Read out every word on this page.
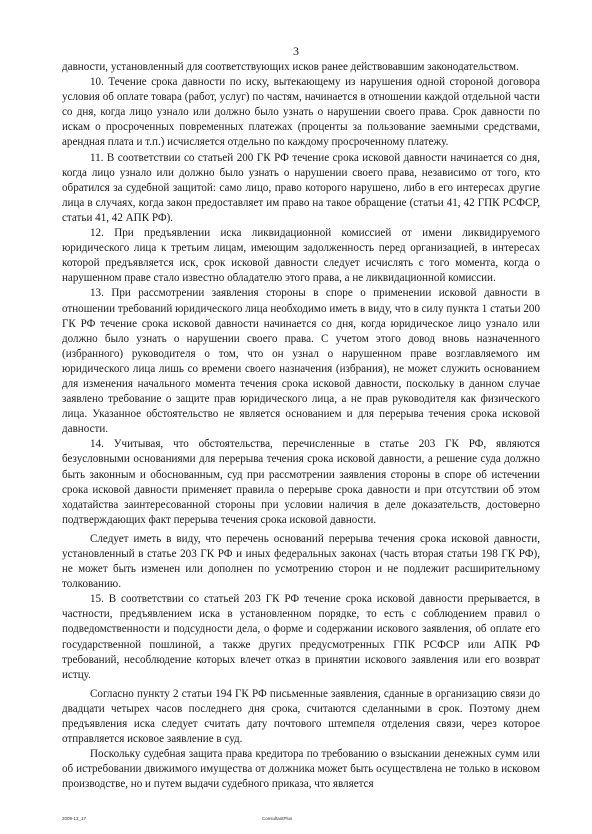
3

давности, установленный для соответствующих исков ранее действовавшим законодательством.

10. Течение срока давности по иску, вытекающему из нарушения одной стороной договора условия об оплате товара (работ, услуг) по частям, начинается в отношении каждой отдельной части со дня, когда лицо узнало или должно было узнать о нарушении своего права. Срок давности по искам о просроченных повременных платежах (проценты за пользование заемными средствами, арендная плата и т.п.) исчисляется отдельно по каждому просроченному платежу.

11. В соответствии со статьей 200 ГК РФ течение срока исковой давности начинается со дня, когда лицо узнало или должно было узнать о нарушении своего права, независимо от того, кто обратился за судебной защитой: само лицо, право которого нарушено, либо в его интересах другие лица в случаях, когда закон предоставляет им право на такое обращение (статьи 41, 42 ГПК РСФСР, статьи 41, 42 АПК РФ).

12. При предъявлении иска ликвидационной комиссией от имени ликвидируемого юридического лица к третьим лицам, имеющим задолженность перед организацией, в интересах которой предъявляется иск, срок исковой давности следует исчислять с того момента, когда о нарушенном праве стало известно обладателю этого права, а не ликвидационной комиссии.

13. При рассмотрении заявления стороны в споре о применении исковой давности в отношении требований юридического лица необходимо иметь в виду, что в силу пункта 1 статьи 200 ГК РФ течение срока исковой давности начинается со дня, когда юридическое лицо узнало или должно было узнать о нарушении своего права. С учетом этого довод вновь назначенного (избранного) руководителя о том, что он узнал о нарушенном праве возглавляемого им юридического лица лишь со времени своего назначения (избрания), не может служить основанием для изменения начального момента течения срока исковой давности, поскольку в данном случае заявлено требование о защите прав юридического лица, а не прав руководителя как физического лица. Указанное обстоятельство не является основанием и для перерыва течения срока исковой давности.

14. Учитывая, что обстоятельства, перечисленные в статье 203 ГК РФ, являются безусловными основаниями для перерыва течения срока исковой давности, а решение суда должно быть законным и обоснованным, суд при рассмотрении заявления стороны в споре об истечении срока исковой давности применяет правила о перерыве срока давности и при отсутствии об этом ходатайства заинтересованной стороны при условии наличия в деле доказательств, достоверно подтверждающих факт перерыва течения срока исковой давности.

Следует иметь в виду, что перечень оснований перерыва течения срока исковой давности, установленный в статье 203 ГК РФ и иных федеральных законах (часть вторая статьи 198 ГК РФ), не может быть изменен или дополнен по усмотрению сторон и не подлежит расширительному толкованию.

15. В соответствии со статьей 203 ГК РФ течение срока исковой давности прерывается, в частности, предъявлением иска в установленном порядке, то есть с соблюдением правил о подведомственности и подсудности дела, о форме и содержании искового заявления, об оплате его государственной пошлиной, а также других предусмотренных ГПК РСФСР или АПК РФ требований, несоблюдение которых влечет отказ в принятии искового заявления или его возврат истцу.

Согласно пункту 2 статьи 194 ГК РФ письменные заявления, сданные в организацию связи до двадцати четырех часов последнего дня срока, считаются сделанными в срок. Поэтому днем предъявления иска следует считать дату почтового штемпеля отделения связи, через которое отправляется исковое заявление в суд.

Поскольку судебная защита права кредитора по требованию о взыскании денежных сумм или об истребовании движимого имущества от должника может быть осуществлена не только в исковом производстве, но и путем выдачи судебного приказа, что является

2009-13_17	ConsultantPlus
